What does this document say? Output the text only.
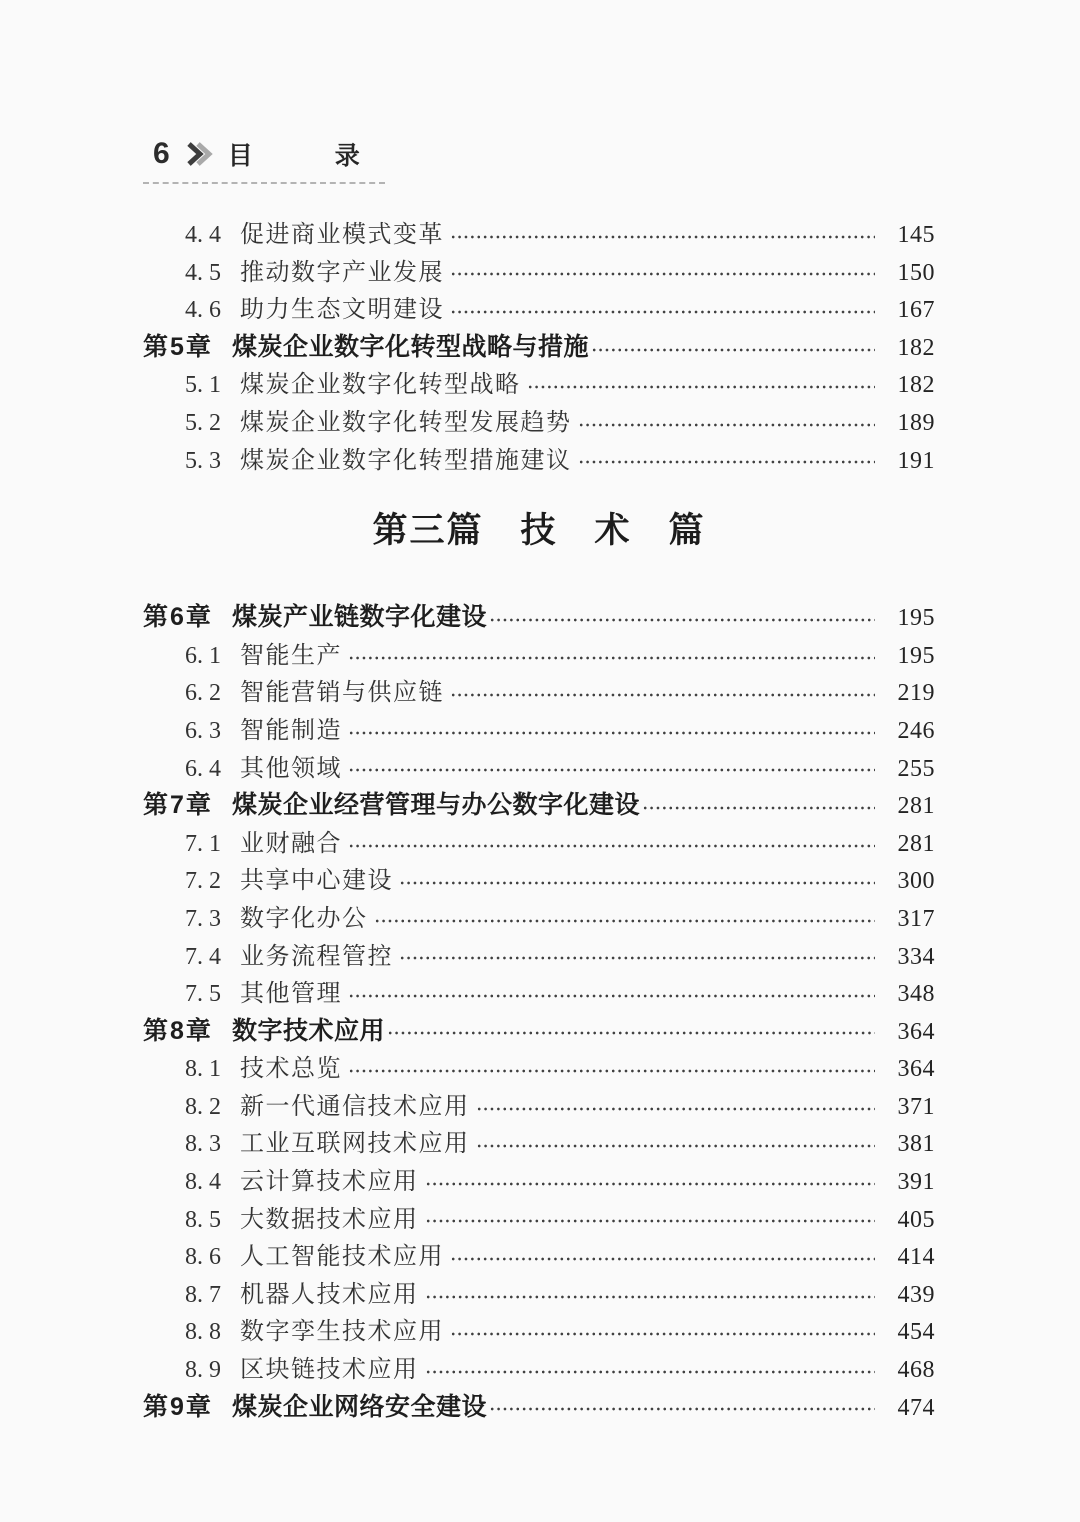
6 目	录
4. 4 促进商业模式变革	145
4. 5 推动数字产业发展	150
4. 6 助力生态文明建设	167
第5章 煤炭企业数字化转型战略与措施	182
5. 1 煤炭企业数字化转型战略	182
5. 2 煤炭企业数字化转型发展趋势	189
5. 3 煤炭企业数字化转型措施建议	191
第三篇　技　术　篇
第6章 煤炭产业链数字化建设	195
6. 1 智能生产	195
6. 2 智能营销与供应链	219
6. 3 智能制造	246
6. 4 其他领域	255
第7章 煤炭企业经营管理与办公数字化建设	281
7. 1 业财融合	281
7. 2 共享中心建设	300
7. 3 数字化办公	317
7. 4 业务流程管控	334
7. 5 其他管理	348
第8章 数字技术应用	364
8. 1 技术总览	364
8. 2 新一代通信技术应用	371
8. 3 工业互联网技术应用	381
8. 4 云计算技术应用	391
8. 5 大数据技术应用	405
8. 6 人工智能技术应用	414
8. 7 机器人技术应用	439
8. 8 数字孪生技术应用	454
8. 9 区块链技术应用	468
第9章 煤炭企业网络安全建设	474
